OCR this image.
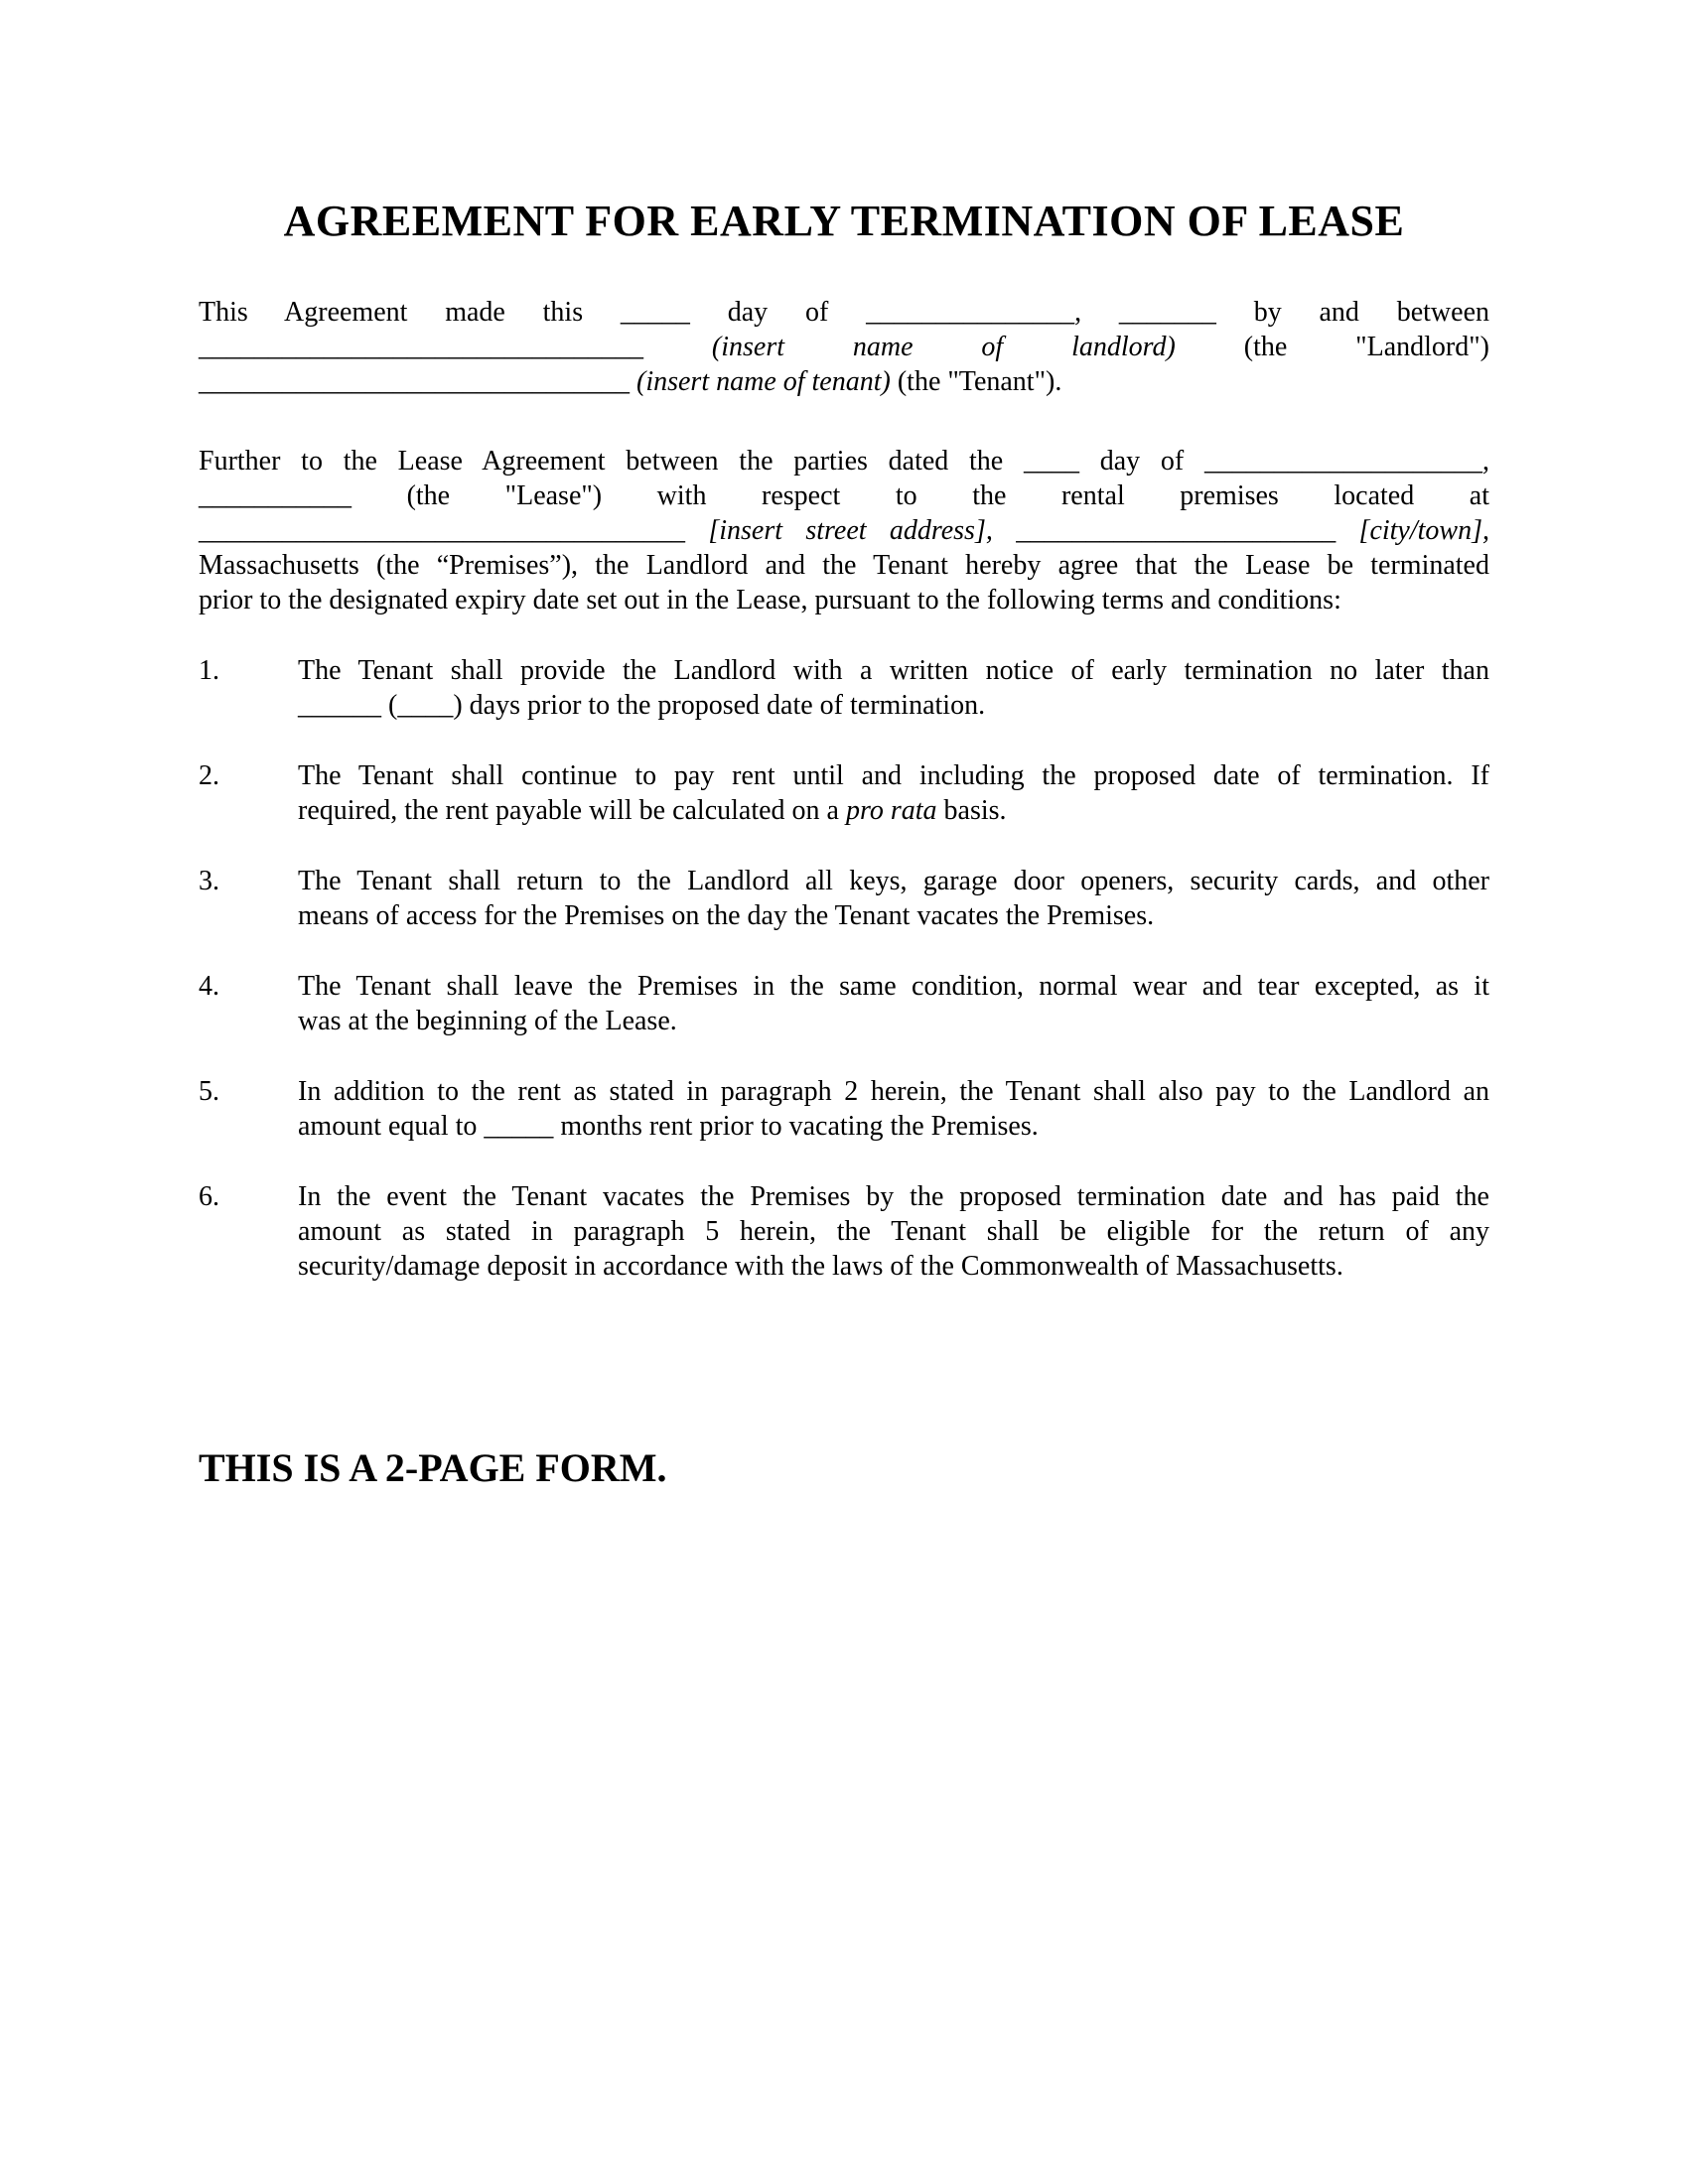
AGREEMENT FOR EARLY TERMINATION OF LEASE
This Agreement made this _____ day of _______________, _______ by and between
________________________________ (insert name of landlord) (the "Landlord")
_______________________________ (insert name of tenant) (the "Tenant").
Further to the Lease Agreement between the parties dated the ____ day of ____________________,
___________ (the "Lease") with respect to the rental premises located at
___________________________________ [insert street address], _______________________ [city/town],
Massachusetts (the “Premises”), the Landlord and the Tenant hereby agree that the Lease be terminated
prior to the designated expiry date set out in the Lease, pursuant to the following terms and conditions:
1.	The Tenant shall provide the Landlord with a written notice of early termination no later than
______ (____) days prior to the proposed date of termination.
2.	The Tenant shall continue to pay rent until and including the proposed date of termination. If
required, the rent payable will be calculated on a pro rata basis.
3.	The Tenant shall return to the Landlord all keys, garage door openers, security cards, and other
means of access for the Premises on the day the Tenant vacates the Premises.
4.	The Tenant shall leave the Premises in the same condition, normal wear and tear excepted, as it
was at the beginning of the Lease.
5.	In addition to the rent as stated in paragraph 2 herein, the Tenant shall also pay to the Landlord an
amount equal to _____ months rent prior to vacating the Premises.
6.	In the event the Tenant vacates the Premises by the proposed termination date and has paid the
amount as stated in paragraph 5 herein, the Tenant shall be eligible for the return of any
security/damage deposit in accordance with the laws of the Commonwealth of Massachusetts.
THIS IS A 2-PAGE FORM.
